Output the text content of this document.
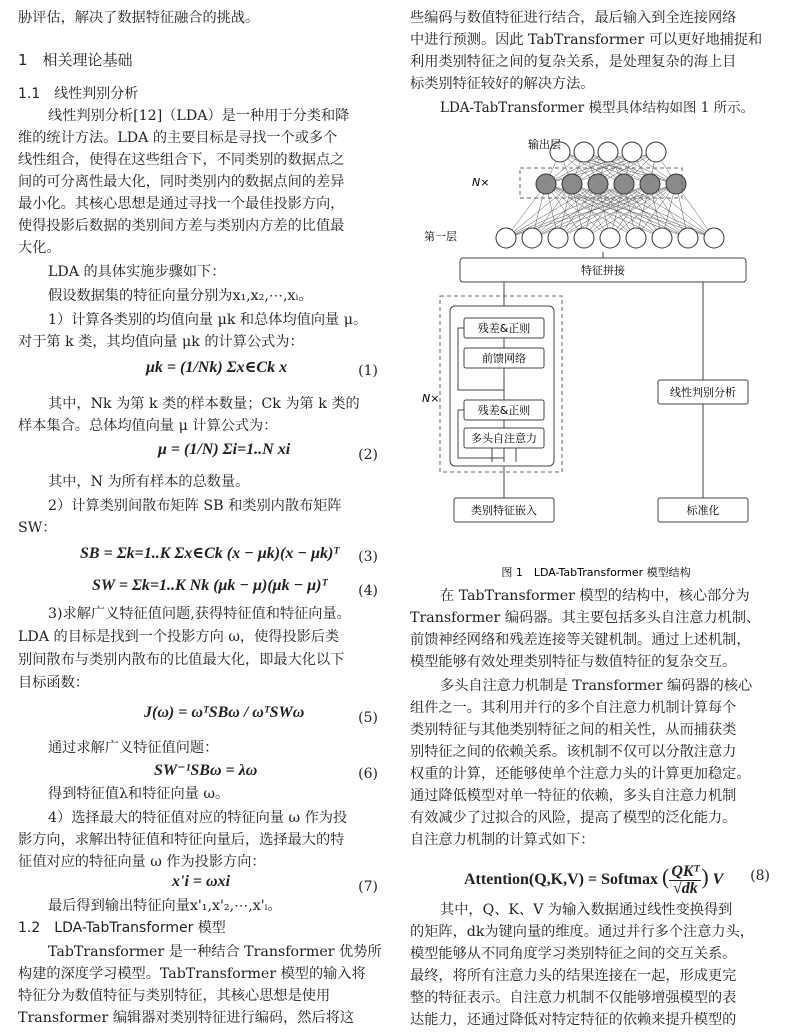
胁评估，解决了数据特征融合的挑战。
1　相关理论基础
1.1　线性判别分析
线性判别分析[12]（LDA）是一种用于分类和降
维的统计方法。LDA 的主要目标是寻找一个或多个
线性组合，使得在这些组合下，不同类别的数据点之
间的可分离性最大化，同时类别内的数据点间的差异
最小化。其核心思想是通过寻找一个最佳投影方向，
使得投影后数据的类别间方差与类别内方差的比值最
大化。
LDA 的具体实施步骤如下：
假设数据集的特征向量分别为x₁,x₂,⋯,xᵢ。
1）计算各类别的均值向量 μk 和总体均值向量 μ。
对于第 k 类，其均值向量 μk 的计算公式为：
μk = (1/Nk) Σx∈Ck x	(1)
其中，Nk 为第 k 类的样本数量；Ck 为第 k 类的
样本集合。总体均值向量 μ 计算公式为：
μ = (1/N) Σi=1..N xi	(2)
其中，N 为所有样本的总数量。
2）计算类别间散布矩阵 SB 和类别内散布矩阵
SW：
SB = Σk=1..K Σx∈Ck (x − μk)(x − μk)ᵀ (3)
SW = Σk=1..K Nk (μk − μ)(μk − μ)ᵀ (4)
3)求解广义特征值问题,获得特征值和特征向量。
LDA 的目标是找到一个投影方向 ω，使得投影后类
别间散布与类别内散布的比值最大化，即最大化以下
目标函数：
J(ω) = ωᵀSBω / ωᵀSWω	(5)
通过求解广义特征值问题：
SW⁻¹SBω = λω	(6)
得到特征值λ和特征向量 ω。
4）选择最大的特征值对应的特征向量 ω 作为投
影方向，求解出特征值和特征向量后，选择最大的特
征值对应的特征向量 ω 作为投影方向：
x'i = ωxi	(7)
最后得到输出特征向量x'₁,x'₂,⋯,x'ᵢ。
1.2　LDA-TabTransformer 模型
TabTransformer 是一种结合 Transformer 优势所
构建的深度学习模型。TabTransformer 模型的输入将
特征分为数值特征与类别特征，其核心思想是使用
Transformer 编辑器对类别特征进行编码，然后将这
些编码与数值特征进行结合，最后输入到全连接网络
中进行预测。因此 TabTransformer 可以更好地捕捉和
利用类别特征之间的复杂关系，是处理复杂的海上目
标类别特征较好的解决方法。
LDA-TabTransformer 模型具体结构如图 1 所示。
在 TabTransformer 模型的结构中，核心部分为
Transformer 编码器。其主要包括多头自注意力机制、
前馈神经网络和残差连接等关键机制。通过上述机制，
模型能够有效处理类别特征与数值特征的复杂交互。
多头自注意力机制是 Transformer 编码器的核心
组件之一。其利用并行的多个自注意力机制计算每个
类别特征与其他类别特征之间的相关性，从而捕获类
别特征之间的依赖关系。该机制不仅可以分散注意力
权重的计算，还能够使单个注意力头的计算更加稳定。
通过降低模型对单一特征的依赖，多头自注意力机制
有效减少了过拟合的风险，提高了模型的泛化能力。
自注意力机制的计算式如下：
Attention(Q,K,V) = Softmax ( $\frac{\text{QKᵀ}}{√dk}$ ) V (8)
其中，Q、K、V 为输入数据通过线性变换得到
的矩阵，dk为键向量的维度。通过并行多个注意力头，
模型能够从不同角度学习类别特征之间的交互关系。
最终，将所有注意力头的结果连接在一起，形成更完
整的特征表示。自注意力机制不仅能够增强模型的表
达能力，还通过降低对特定特征的依赖来提升模型的
输出层
N×
第一层
特征拼接
N×
残差&正则
前馈网络
残差&正则
多头自注意力
类别特征嵌入
线性判别分析
标准化
图 1　LDA-TabTransformer 模型结构
